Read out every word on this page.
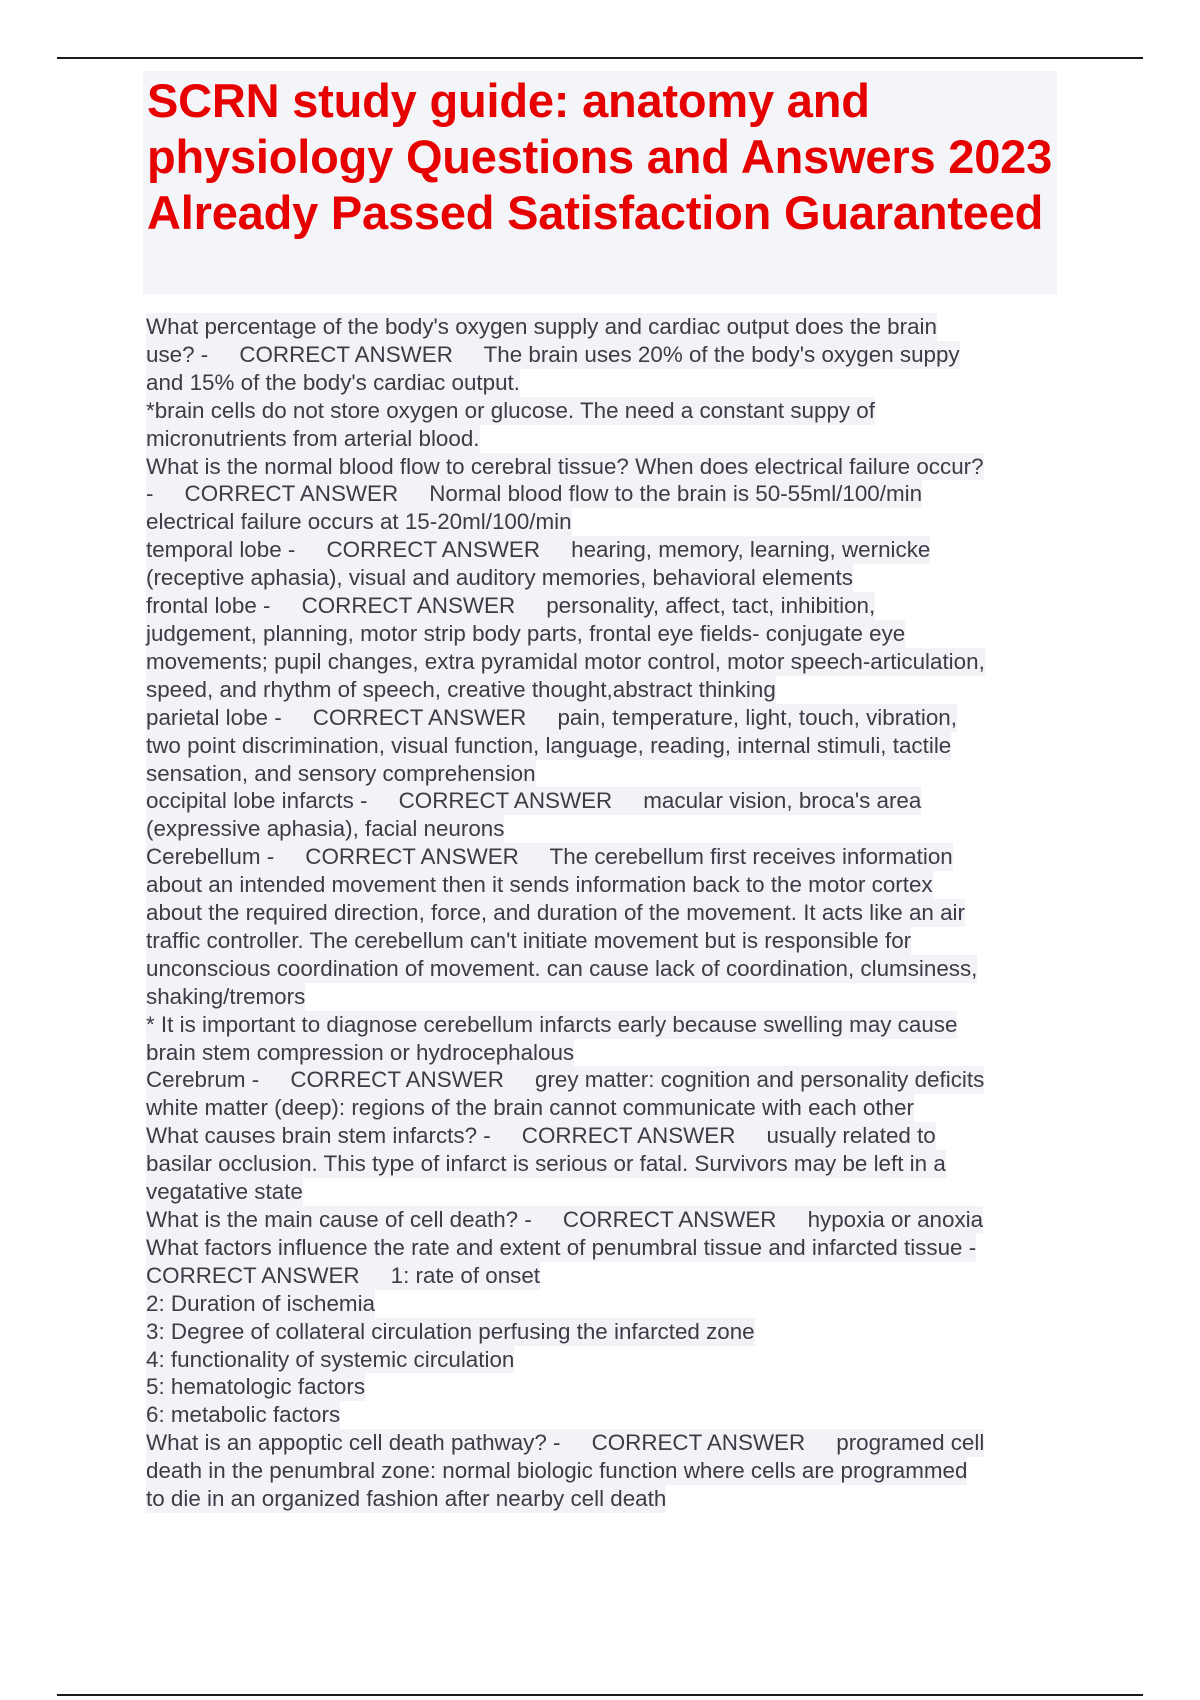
SCRN study guide: anatomy and physiology Questions and Answers 2023 Already Passed Satisfaction Guaranteed
What percentage of the body's oxygen supply and cardiac output does the brain
use? -     CORRECT ANSWER     The brain uses 20% of the body's oxygen suppy
and 15% of the body's cardiac output.
*brain cells do not store oxygen or glucose. The need a constant suppy of
micronutrients from arterial blood.
What is the normal blood flow to cerebral tissue? When does electrical failure occur?
-     CORRECT ANSWER     Normal blood flow to the brain is 50-55ml/100/min
electrical failure occurs at 15-20ml/100/min
temporal lobe -     CORRECT ANSWER     hearing, memory, learning, wernicke
(receptive aphasia), visual and auditory memories, behavioral elements
frontal lobe -     CORRECT ANSWER     personality, affect, tact, inhibition,
judgement, planning, motor strip body parts, frontal eye fields- conjugate eye
movements; pupil changes, extra pyramidal motor control, motor speech-articulation,
speed, and rhythm of speech, creative thought,abstract thinking
parietal lobe -     CORRECT ANSWER     pain, temperature, light, touch, vibration,
two point discrimination, visual function, language, reading, internal stimuli, tactile
sensation, and sensory comprehension
occipital lobe infarcts -     CORRECT ANSWER     macular vision, broca's area
(expressive aphasia), facial neurons
Cerebellum -     CORRECT ANSWER     The cerebellum first receives information
about an intended movement then it sends information back to the motor cortex
about the required direction, force, and duration of the movement. It acts like an air
traffic controller. The cerebellum can't initiate movement but is responsible for
unconscious coordination of movement. can cause lack of coordination, clumsiness,
shaking/tremors
* It is important to diagnose cerebellum infarcts early because swelling may cause
brain stem compression or hydrocephalous
Cerebrum -     CORRECT ANSWER     grey matter: cognition and personality deficits
white matter (deep): regions of the brain cannot communicate with each other
What causes brain stem infarcts? -     CORRECT ANSWER     usually related to
basilar occlusion. This type of infarct is serious or fatal. Survivors may be left in a
vegatative state
What is the main cause of cell death? -     CORRECT ANSWER     hypoxia or anoxia
What factors influence the rate and extent of penumbral tissue and infarcted tissue -
CORRECT ANSWER     1: rate of onset
2: Duration of ischemia
3: Degree of collateral circulation perfusing the infarcted zone
4: functionality of systemic circulation
5: hematologic factors
6: metabolic factors
What is an appoptic cell death pathway? -     CORRECT ANSWER     programed cell
death in the penumbral zone: normal biologic function where cells are programmed
to die in an organized fashion after nearby cell death
